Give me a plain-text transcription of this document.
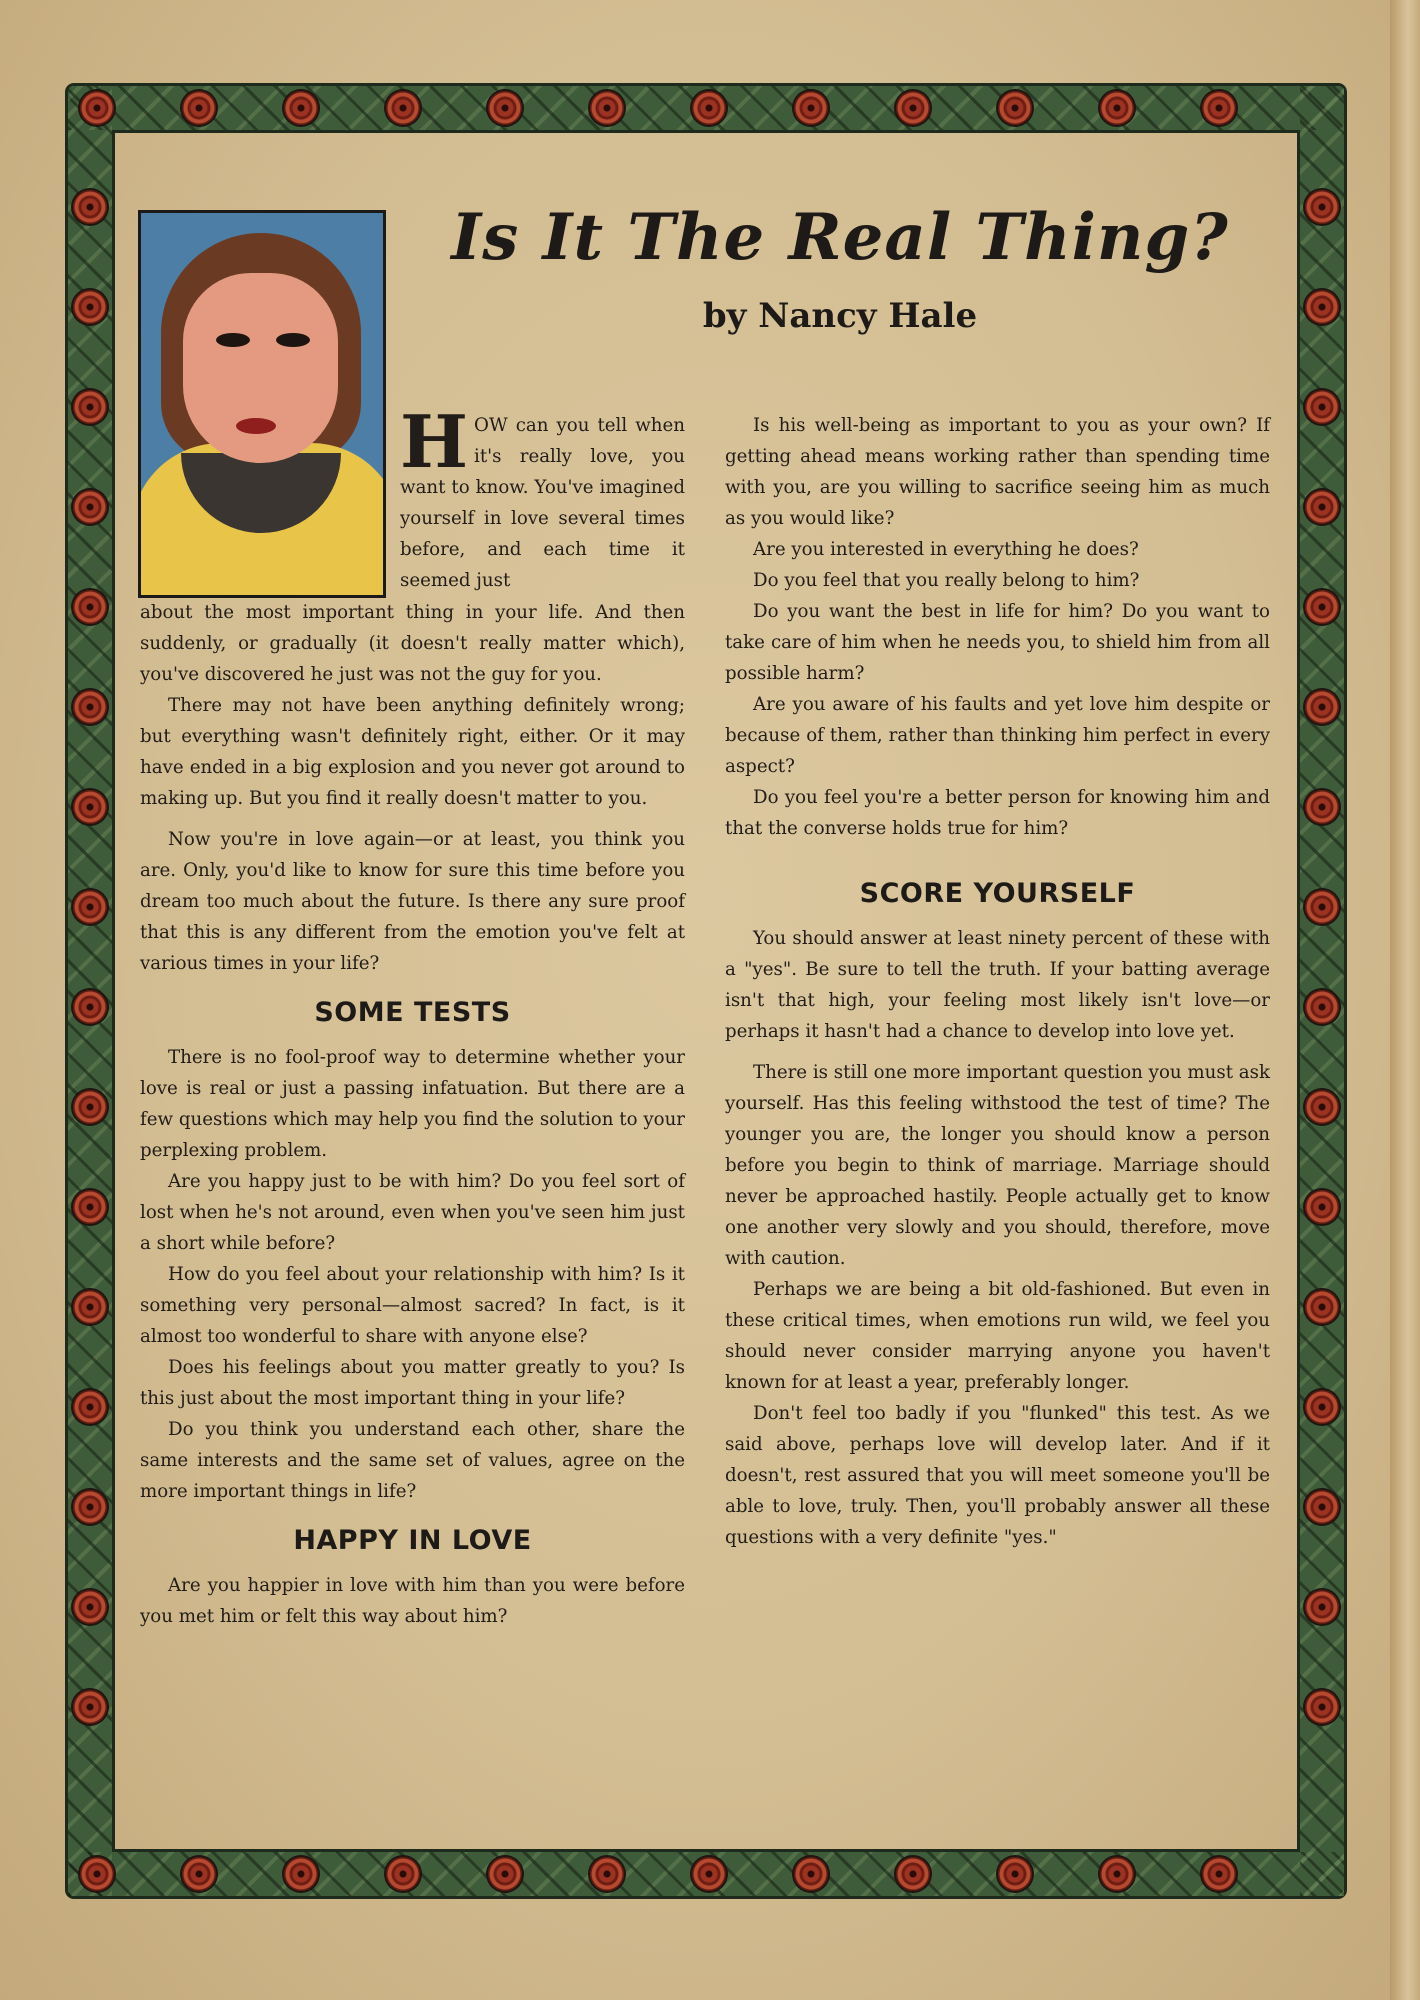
Is It The Real Thing?
by Nancy Hale

HOW can you tell when it's really love, you want to know. You've imagined yourself in love several times before, and each time it seemed just

about the most important thing in your life. And then suddenly, or gradually (it doesn't really matter which), you've discovered he just was not the guy for you.

There may not have been anything definitely wrong; but everything wasn't definitely right, either. Or it may have ended in a big explosion and you never got around to making up. But you find it really doesn't matter to you.

Now you're in love again—or at least, you think you are. Only, you'd like to know for sure this time before you dream too much about the future. Is there any sure proof that this is any different from the emotion you've felt at various times in your life?

SOME TESTS

There is no fool-proof way to determine whether your love is real or just a passing infatuation. But there are a few questions which may help you find the solution to your perplexing problem.

Are you happy just to be with him? Do you feel sort of lost when he's not around, even when you've seen him just a short while before?

How do you feel about your relationship with him? Is it something very personal—almost sacred? In fact, is it almost too wonderful to share with anyone else?

Does his feelings about you matter greatly to you? Is this just about the most important thing in your life?

Do you think you understand each other, share the same interests and the same set of values, agree on the more important things in life?

HAPPY IN LOVE

Are you happier in love with him than you were before you met him or felt this way about him?

Is his well-being as important to you as your own? If getting ahead means working rather than spending time with you, are you willing to sacrifice seeing him as much as you would like?

Are you interested in everything he does?

Do you feel that you really belong to him?

Do you want the best in life for him? Do you want to take care of him when he needs you, to shield him from all possible harm?

Are you aware of his faults and yet love him despite or because of them, rather than thinking him perfect in every aspect?

Do you feel you're a better person for knowing him and that the converse holds true for him?

SCORE YOURSELF

You should answer at least ninety percent of these with a "yes". Be sure to tell the truth. If your batting average isn't that high, your feeling most likely isn't love—or perhaps it hasn't had a chance to develop into love yet.

There is still one more important question you must ask yourself. Has this feeling withstood the test of time? The younger you are, the longer you should know a person before you begin to think of marriage. Marriage should never be approached hastily. People actually get to know one another very slowly and you should, therefore, move with caution.

Perhaps we are being a bit old-fashioned. But even in these critical times, when emotions run wild, we feel you should never consider marrying anyone you haven't known for at least a year, preferably longer.

Don't feel too badly if you "flunked" this test. As we said above, perhaps love will develop later. And if it doesn't, rest assured that you will meet someone you'll be able to love, truly. Then, you'll probably answer all these questions with a very definite "yes."
